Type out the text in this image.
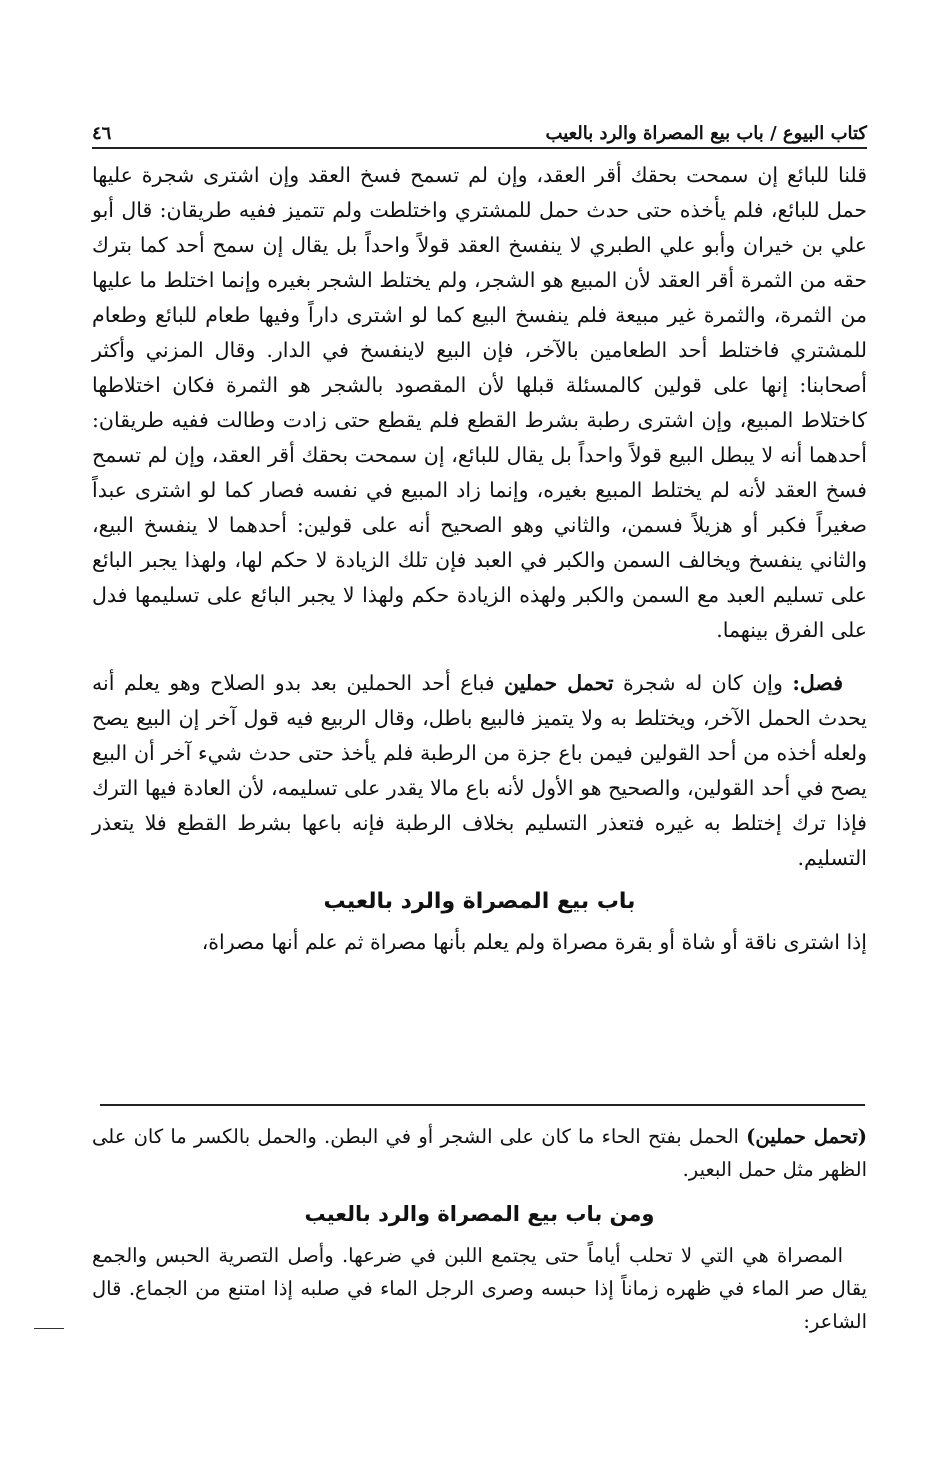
كتاب البيوع / باب بيع المصراة والرد بالعيب
٤٦

قلنا للبائع إن سمحت بحقك أقر العقد، وإن لم تسمح فسخ العقد وإن اشترى شجرة عليها حمل للبائع، فلم يأخذه حتى حدث حمل للمشتري واختلطت ولم تتميز ففيه طريقان: قال أبو علي بن خيران وأبو علي الطبري لا ينفسخ العقد قولاً واحداً بل يقال إن سمح أحد كما بترك حقه من الثمرة أقر العقد لأن المبيع هو الشجر، ولم يختلط الشجر بغيره وإنما اختلط ما عليها من الثمرة، والثمرة غير مبيعة فلم ينفسخ البيع كما لو اشترى داراً وفيها طعام للبائع وطعام للمشتري فاختلط أحد الطعامين بالآخر، فإن البيع لاينفسخ في الدار. وقال المزني وأكثر أصحابنا: إنها على قولين كالمسئلة قبلها لأن المقصود بالشجر هو الثمرة فكان اختلاطها كاختلاط المبيع، وإن اشترى رطبة بشرط القطع فلم يقطع حتى زادت وطالت ففيه طريقان: أحدهما أنه لا يبطل البيع قولاً واحداً بل يقال للبائع، إن سمحت بحقك أقر العقد، وإن لم تسمح فسخ العقد لأنه لم يختلط المبيع بغيره، وإنما زاد المبيع في نفسه فصار كما لو اشترى عبداً صغيراً فكبر أو هزيلاً فسمن، والثاني وهو الصحيح أنه على قولين: أحدهما لا ينفسخ البيع، والثاني ينفسخ ويخالف السمن والكبر في العبد فإن تلك الزيادة لا حكم لها، ولهذا يجبر البائع على تسليم العبد مع السمن والكبر ولهذه الزيادة حكم ولهذا لا يجبر البائع على تسليمها فدل على الفرق بينهما.

فصل: وإن كان له شجرة تحمل حملين فباع أحد الحملين بعد بدو الصلاح وهو يعلم أنه يحدث الحمل الآخر، ويختلط به ولا يتميز فالبيع باطل، وقال الربيع فيه قول آخر إن البيع يصح ولعله أخذه من أحد القولين فيمن باع جزة من الرطبة فلم يأخذ حتى حدث شيء آخر أن البيع يصح في أحد القولين، والصحيح هو الأول لأنه باع مالا يقدر على تسليمه، لأن العادة فيها الترك فإذا ترك إختلط به غيره فتعذر التسليم بخلاف الرطبة فإنه باعها بشرط القطع فلا يتعذر التسليم.

باب بيع المصراة والرد بالعيب

إذا اشترى ناقة أو شاة أو بقرة مصراة ولم يعلم بأنها مصراة ثم علم أنها مصراة،

(تحمل حملين) الحمل بفتح الحاء ما كان على الشجر أو في البطن. والحمل بالكسر ما كان على الظهر مثل حمل البعير.

ومن باب بيع المصراة والرد بالعيب

المصراة هي التي لا تحلب أياماً حتى يجتمع اللبن في ضرعها. وأصل التصرية الحبس والجمع يقال صر الماء في ظهره زماناً إذا حبسه وصرى الرجل الماء في صلبه إذا امتنع من الجماع. قال الشاعر:
